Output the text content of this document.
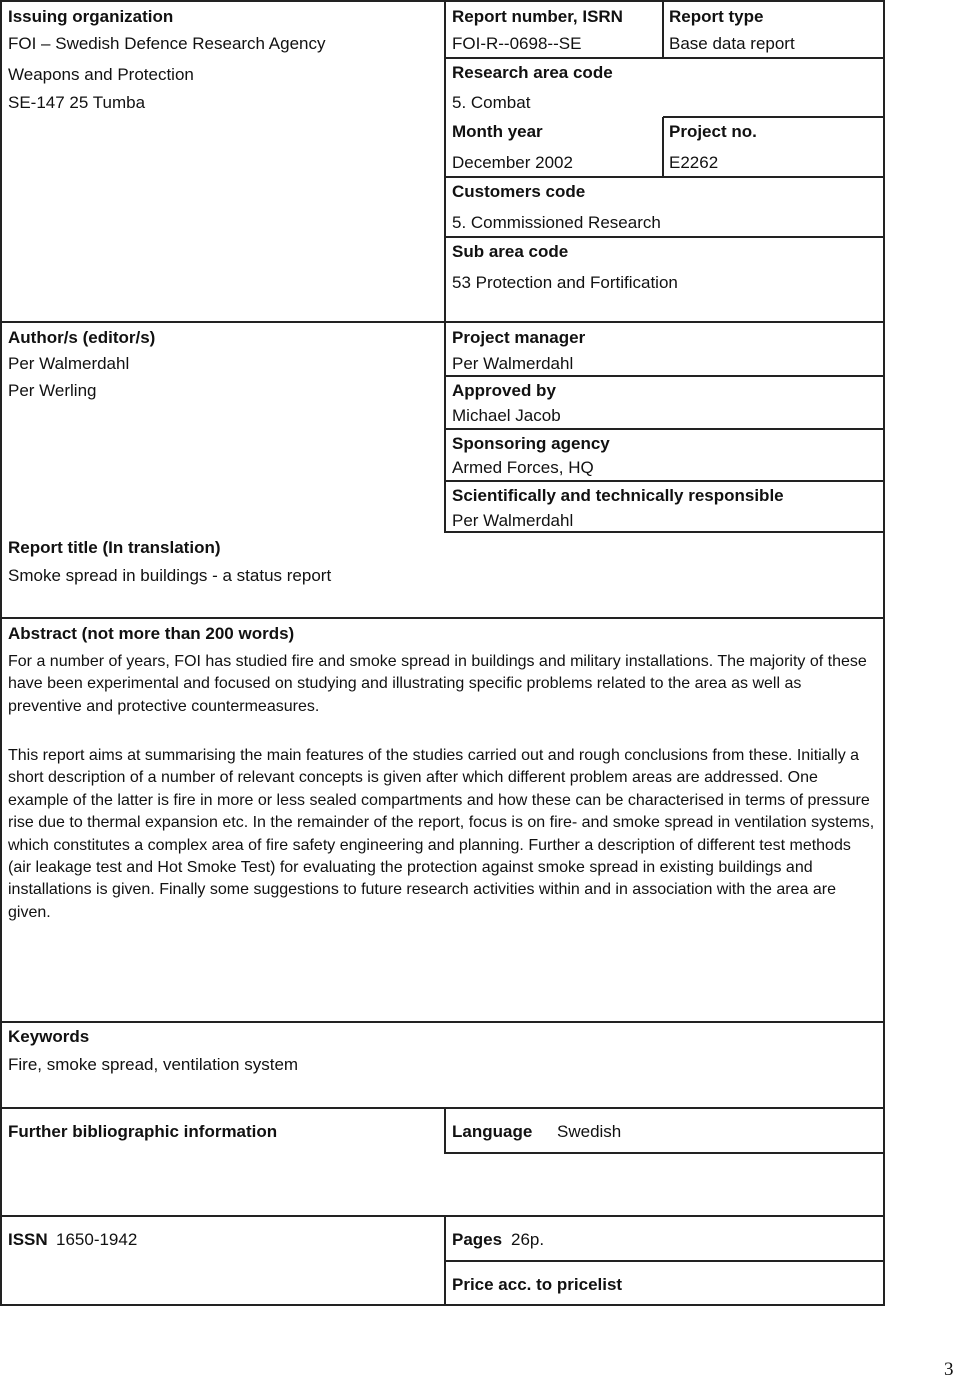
Issuing organization
FOI – Swedish Defence Research Agency
Weapons and Protection
SE-147 25 Tumba
Report number, ISRN
FOI-R--0698--SE
Report type
Base data report
Research area code
5. Combat
Month year
December 2002
Project no.
E2262
Customers code
5. Commissioned Research
Sub area code
53 Protection and Fortification
Author/s (editor/s)
Per Walmerdahl
Per Werling
Project manager
Per Walmerdahl
Approved by
Michael Jacob
Sponsoring agency
Armed Forces, HQ
Scientifically and technically responsible
Per Walmerdahl
Report title (In translation)
Smoke spread in buildings - a status report
Abstract (not more than 200 words)

For a number of years, FOI has studied fire and smoke spread in buildings and military installations. The majority of these have been experimental and focused on studying and illustrating specific problems related to the area as well as preventive and protective countermeasures.

This report aims at summarising the main features of the studies carried out and rough conclusions from these. Initially a short description of a number of relevant concepts is given after which different problem areas are addressed. One example of the latter is fire in more or less sealed compartments and how these can be characterised in terms of pressure rise due to thermal expansion etc. In the remainder of the report, focus is on fire- and smoke spread in ventilation systems, which constitutes a complex area of fire safety engineering and planning. Further a description of different test methods (air leakage test and Hot Smoke Test) for evaluating the protection against smoke spread in existing buildings and installations is given. Finally some suggestions to future research activities within and in association with the area are given.

Keywords
Fire, smoke spread, ventilation system
Further bibliographic information	Language Swedish
ISSN 1650-1942	Pages 26p.
Price acc. to pricelist
3
